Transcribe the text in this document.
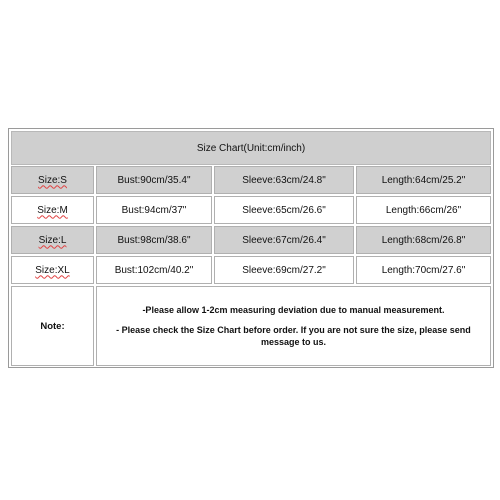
Size Chart(Unit:cm/inch)
Size:S	Bust:90cm/35.4"	Sleeve:63cm/24.8"	Length:64cm/25.2"
Size:M	Bust:94cm/37"	Sleeve:65cm/26.6"	Length:66cm/26"
Size:L	Bust:98cm/38.6"	Sleeve:67cm/26.4"	Length:68cm/26.8"
Size:XL	Bust:102cm/40.2"	Sleeve:69cm/27.2"	Length:70cm/27.6"
Note:

-Please allow 1-2cm measuring deviation due to manual measurement.

- Please check the Size Chart before order. If you are not sure the size, please send message to us.
